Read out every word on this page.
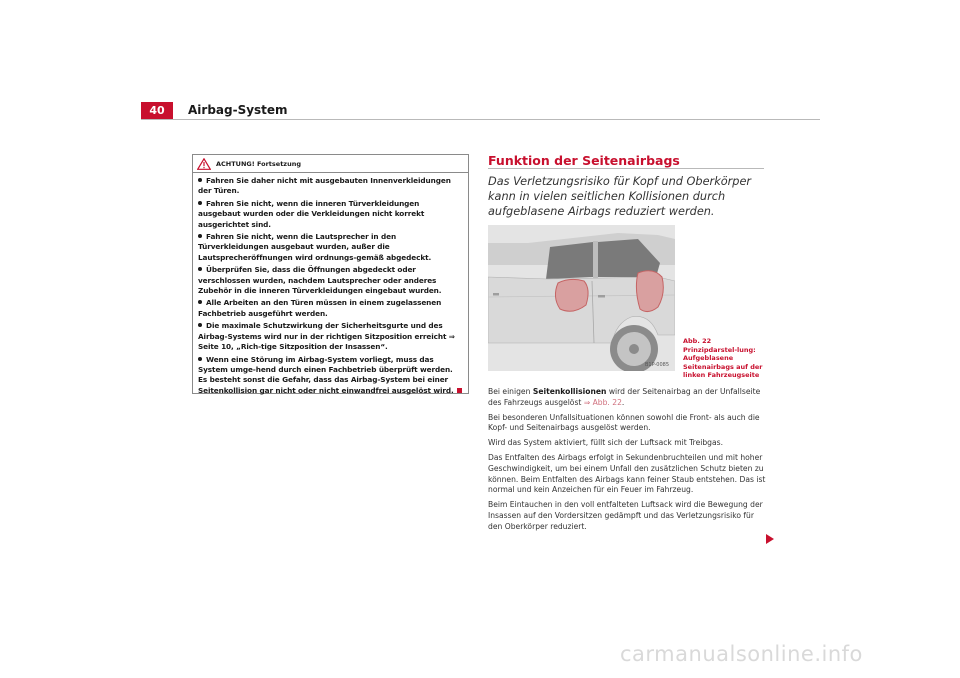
40	Airbag-System
ACHTUNG! Fortsetzung
Fahren Sie daher nicht mit ausgebauten Innenverkleidungen der Türen.
Fahren Sie nicht, wenn die inneren Türverkleidungen ausgebaut wurden oder die Verkleidungen nicht korrekt ausgerichtet sind.
Fahren Sie nicht, wenn die Lautsprecher in den Türverkleidungen ausgebaut wurden, außer die Lautsprecheröffnungen wird ordnungs-gemäß abgedeckt.
Überprüfen Sie, dass die Öffnungen abgedeckt oder verschlossen wurden, nachdem Lautsprecher oder anderes Zubehör in die inneren Türverkleidungen eingebaut wurden.
Alle Arbeiten an den Türen müssen in einem zugelassenen Fachbetrieb ausgeführt werden.
Die maximale Schutzwirkung der Sicherheitsgurte und des Airbag-Systems wird nur in der richtigen Sitzposition erreicht ⇒ Seite 10, „Rich-tige Sitzposition der Insassen“.
Wenn eine Störung im Airbag-System vorliegt, muss das System umge-hend durch einen Fachbetrieb überprüft werden. Es besteht sonst die Gefahr, dass das Airbag-System bei einer Seitenkollision gar nicht oder nicht einwandfrei ausgelöst wird.
Funktion der Seitenairbags
Das Verletzungsrisiko für Kopf und Oberkörper kann in vielen seitlichen Kollisionen durch aufgeblasene Airbags reduziert werden.
B1P-0085
Abb. 22 Prinzipdarstel-lung: Aufgeblasene Seitenairbags auf der linken Fahrzeugseite

Bei einigen Seitenkollisionen wird der Seitenairbag an der Unfallseite des Fahrzeugs ausgelöst ⇒ Abb. 22.

Bei besonderen Unfallsituationen können sowohl die Front- als auch die Kopf- und Seitenairbags ausgelöst werden.

Wird das System aktiviert, füllt sich der Luftsack mit Treibgas.

Das Entfalten des Airbags erfolgt in Sekundenbruchteilen und mit hoher Geschwindigkeit, um bei einem Unfall den zusätzlichen Schutz bieten zu können. Beim Entfalten des Airbags kann feiner Staub entstehen. Das ist normal und kein Anzeichen für ein Feuer im Fahrzeug.

Beim Eintauchen in den voll entfalteten Luftsack wird die Bewegung der Insassen auf den Vordersitzen gedämpft und das Verletzungsrisiko für den Oberkörper reduziert.

carmanualsonline.info
